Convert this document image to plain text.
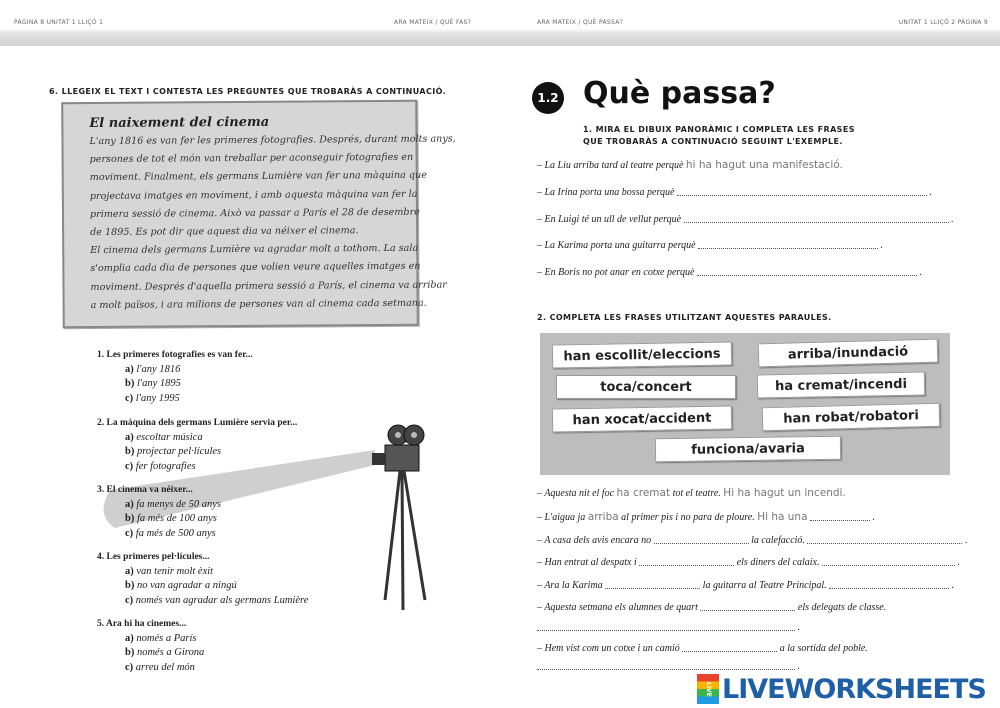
PÀGINA 8 UNITAT 1 LLIÇÓ 1	ARA MATEIX / QUÈ FAS?	ARA MATEIX / QUÈ PASSA?	UNITAT 1 LLIÇÓ 2 PÀGINA 9
6. LLEGEIX EL TEXT I CONTESTA LES PREGUNTES QUE TROBARÀS A CONTINUACIÓ.
El naixement del cinema

L'any 1816 es van fer les primeres fotografies. Després, durant molts anys,

persones de tot el món van treballar per aconseguir fotografies en

moviment. Finalment, els germans Lumière van fer una màquina que

projectava imatges en moviment, i amb aquesta màquina van fer la

primera sessió de cinema. Això va passar a París el 28 de desembre

de 1895. Es pot dir que aquest dia va néixer el cinema.

El cinema dels germans Lumière va agradar molt a tothom. La sala

s'omplia cada dia de persones que volien veure aquelles imatges en

moviment. Després d'aquella primera sessió a París, el cinema va arribar

a molt països, i ara milions de persones van al cinema cada setmana.

1. Les primeres fotografies es van fer...
a) l'any 1816
b) l'any 1895
c) l'any 1995
2. La màquina dels germans Lumière servia per...
a) escoltar música
b) projectar pel·lícules
c) fer fotografies
3. El cinema va néixer...
a) fa menys de 50 anys
b) fa més de 100 anys
c) fa més de 500 anys
4. Les primeres pel·lícules...
a) van tenir molt èxit
b) no van agradar a ningú
c) només van agradar als germans Lumière
5. Ara hi ha cinemes...
a) només a París
b) només a Girona
c) arreu del món
1.2 Què passa?
1. MIRA EL DIBUIX PANORÀMIC I COMPLETA LES FRASES
QUE TROBARÀS A CONTINUACIÓ SEGUINT L'EXEMPLE.
– La Liu arriba tard al teatre perquè hi ha hagut una manifestació.
– La Irina porta una bossa perquè	.
– En Luigi té un ull de vellut perquè	.
– La Karima porta una guitarra perquè	.
– En Boris no pot anar en cotxe perquè	.
2. COMPLETA LES FRASES UTILITZANT AQUESTES PARAULES.
han escollit/eleccions	arriba/inundació
toca/concert	ha cremat/incendi
han xocat/accident	han robat/robatori
funciona/avaria
– Aquesta nit el foc ha cremat tot el teatre. Hi ha hagut un incendi.
– L'aigua ja arriba al primer pis i no para de ploure. Hi ha una	.
– A casa dels avis encara no	la calefacció.	.
– Han entrat al despatx i	els diners del calaix.	.
– Ara la Karima	la guitarra al Teatre Principal.	.
– Aquesta setmana els alumnes de quart	els delegats de classe.
.
– Hem vist com un cotxe i un camió	a la sortida del poble.
.
LIVE LIVEWORKSHEETS
